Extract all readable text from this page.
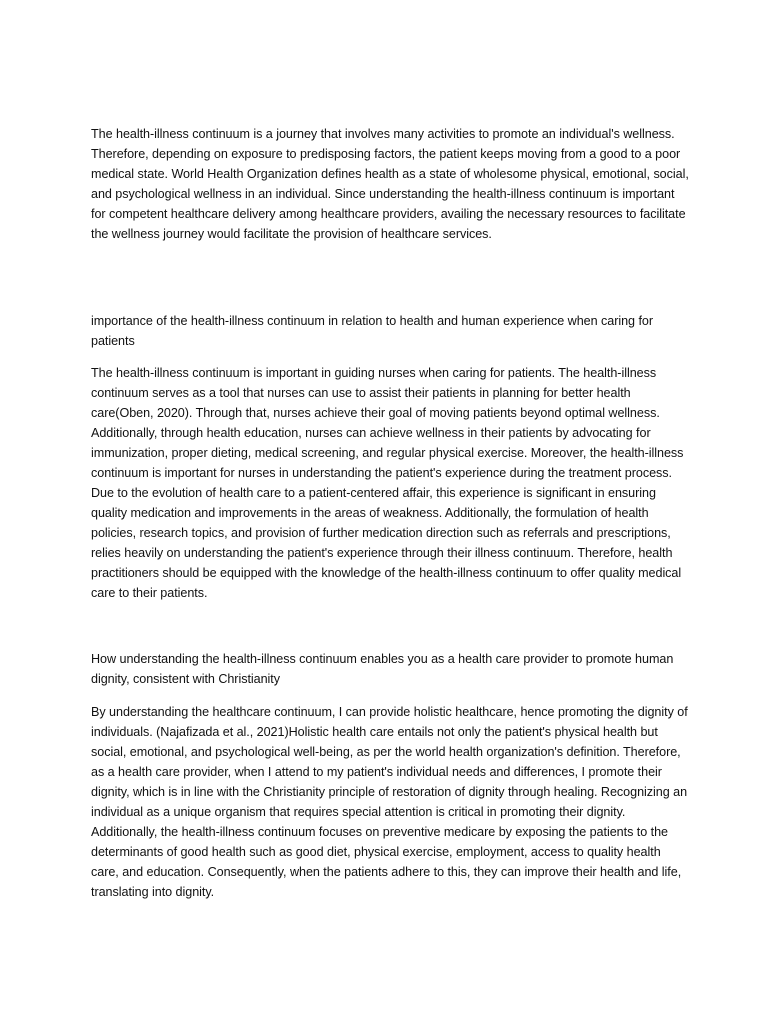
The health-illness continuum is a journey that involves many activities to promote an individual's wellness. Therefore, depending on exposure to predisposing factors, the patient keeps moving from a good to a poor medical state. World Health Organization defines health as a state of wholesome physical, emotional, social, and psychological wellness in an individual. Since understanding the health-illness continuum is important for competent healthcare delivery among healthcare providers, availing the necessary resources to facilitate the wellness journey would facilitate the provision of healthcare services.

importance of the health-illness continuum in relation to health and human experience when caring for patients

The health-illness continuum is important in guiding nurses when caring for patients. The health-illness continuum serves as a tool that nurses can use to assist their patients in planning for better health care(Oben, 2020). Through that, nurses achieve their goal of moving patients beyond optimal wellness. Additionally, through health education, nurses can achieve wellness in their patients by advocating for immunization, proper dieting, medical screening, and regular physical exercise. Moreover, the health-illness continuum is important for nurses in understanding the patient's experience during the treatment process. Due to the evolution of health care to a patient-centered affair, this experience is significant in ensuring quality medication and improvements in the areas of weakness. Additionally, the formulation of health policies, research topics, and provision of further medication direction such as referrals and prescriptions, relies heavily on understanding the patient's experience through their illness continuum. Therefore, health practitioners should be equipped with the knowledge of the health-illness continuum to offer quality medical care to their patients.

How understanding the health-illness continuum enables you as a health care provider to promote human dignity, consistent with Christianity

By understanding the healthcare continuum, I can provide holistic healthcare, hence promoting the dignity of individuals. (Najafizada et al., 2021)Holistic health care entails not only the patient's physical health but social, emotional, and psychological well-being, as per the world health organization's definition. Therefore, as a health care provider, when I attend to my patient's individual needs and differences, I promote their dignity, which is in line with the Christianity principle of restoration of dignity through healing. Recognizing an individual as a unique organism that requires special attention is critical in promoting their dignity. Additionally, the health-illness continuum focuses on preventive medicare by exposing the patients to the determinants of good health such as good diet, physical exercise, employment, access to quality health care, and education. Consequently, when the patients adhere to this, they can improve their health and life, translating into dignity.
